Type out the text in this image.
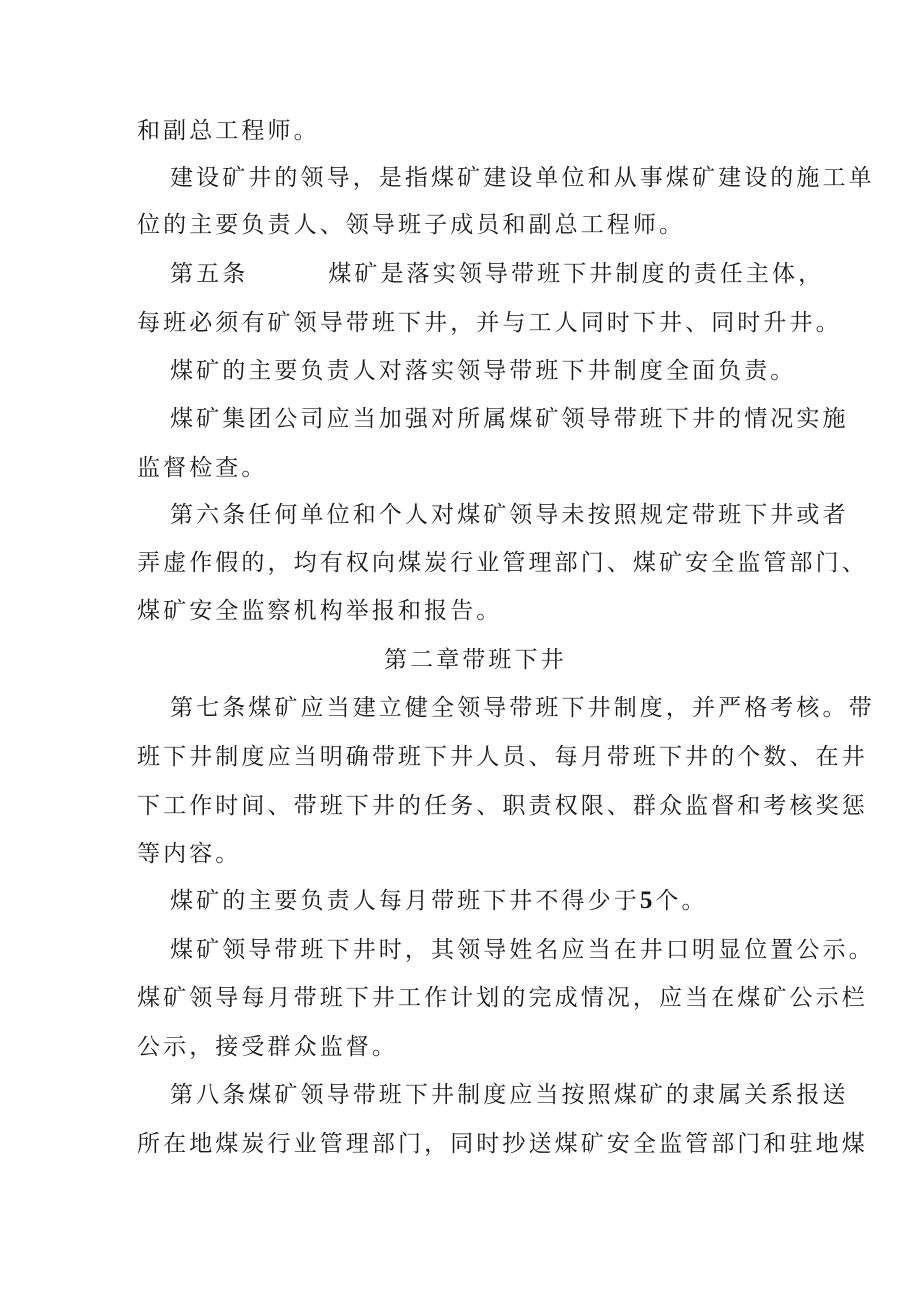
和副总工程师。
建设矿井的领导，是指煤矿建设单位和从事煤矿建设的施工单
位的主要负责人、领导班子成员和副总工程师。
第五条	煤矿是落实领导带班下井制度的责任主体，
每班必须有矿领导带班下井，并与工人同时下井、同时升井。
煤矿的主要负责人对落实领导带班下井制度全面负责。
煤矿集团公司应当加强对所属煤矿领导带班下井的情况实施
监督检查。
第六条任何单位和个人对煤矿领导未按照规定带班下井或者
弄虚作假的，均有权向煤炭行业管理部门、煤矿安全监管部门、
煤矿安全监察机构举报和报告。
第二章带班下井
第七条煤矿应当建立健全领导带班下井制度，并严格考核。带
班下井制度应当明确带班下井人员、每月带班下井的个数、在井
下工作时间、带班下井的任务、职责权限、群众监督和考核奖惩
等内容。
煤矿的主要负责人每月带班下井不得少于5个。
煤矿领导带班下井时，其领导姓名应当在井口明显位置公示。
煤矿领导每月带班下井工作计划的完成情况，应当在煤矿公示栏
公示，接受群众监督。
第八条煤矿领导带班下井制度应当按照煤矿的隶属关系报送
所在地煤炭行业管理部门，同时抄送煤矿安全监管部门和驻地煤
